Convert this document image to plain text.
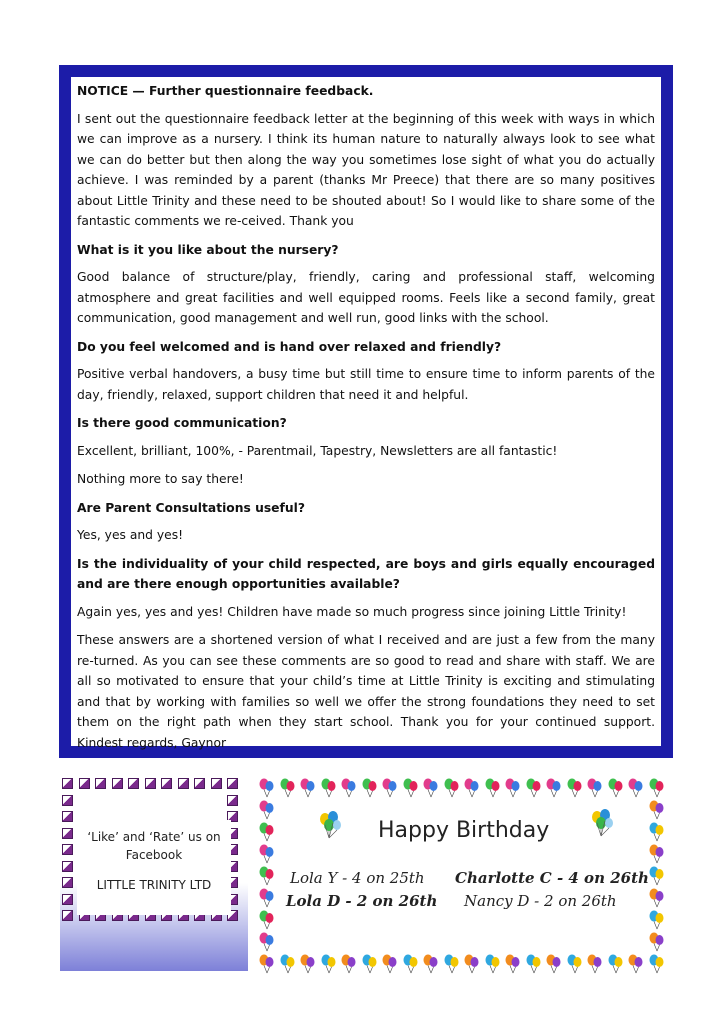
NOTICE — Further questionnaire feedback.

I sent out the questionnaire feedback letter at the beginning of this week with ways in which we can improve as a nursery. I think its human nature to naturally always look to see what we can do better but then along the way you sometimes lose sight of what you do actually achieve. I was reminded by a parent (thanks Mr Preece) that there are so many positives about Little Trinity and these need to be shouted about! So I would like to share some of the fantastic comments we re-ceived. Thank you

What is it you like about the nursery?

Good balance of structure/play, friendly, caring and professional staff, welcoming atmosphere and great facilities and well equipped rooms. Feels like a second family, great communication, good management and well run, good links with the school.

Do you feel welcomed and is hand over relaxed and friendly?

Positive verbal handovers, a busy time but still time to ensure time to inform parents of the day, friendly, relaxed, support children that need it and helpful.

Is there good communication?

Excellent, brilliant, 100%, - Parentmail, Tapestry, Newsletters are all fantastic!

Nothing more to say there!

Are Parent Consultations useful?

Yes, yes and yes!

Is the individuality of your child respected, are boys and girls equally encouraged and are there enough opportunities available?

Again yes, yes and yes! Children have made so much progress since joining Little Trinity!

These answers are a shortened version of what I received and are just a few from the many re-turned. As you can see these comments are so good to read and share with staff. We are all so motivated to ensure that your child’s time at Little Trinity is exciting and stimulating and that by working with families so well we offer the strong foundations they need to set them on the right path when they start school. Thank you for your continued support. Kindest regards, Gaynor

‘Like’ and ‘Rate’ us on
Facebook
LITTLE TRINITY LTD
Happy Birthday
Lola Y - 4 on 25th Charlotte C - 4 on 26th
Lola D - 2 on 26th Nancy D - 2 on 26th
